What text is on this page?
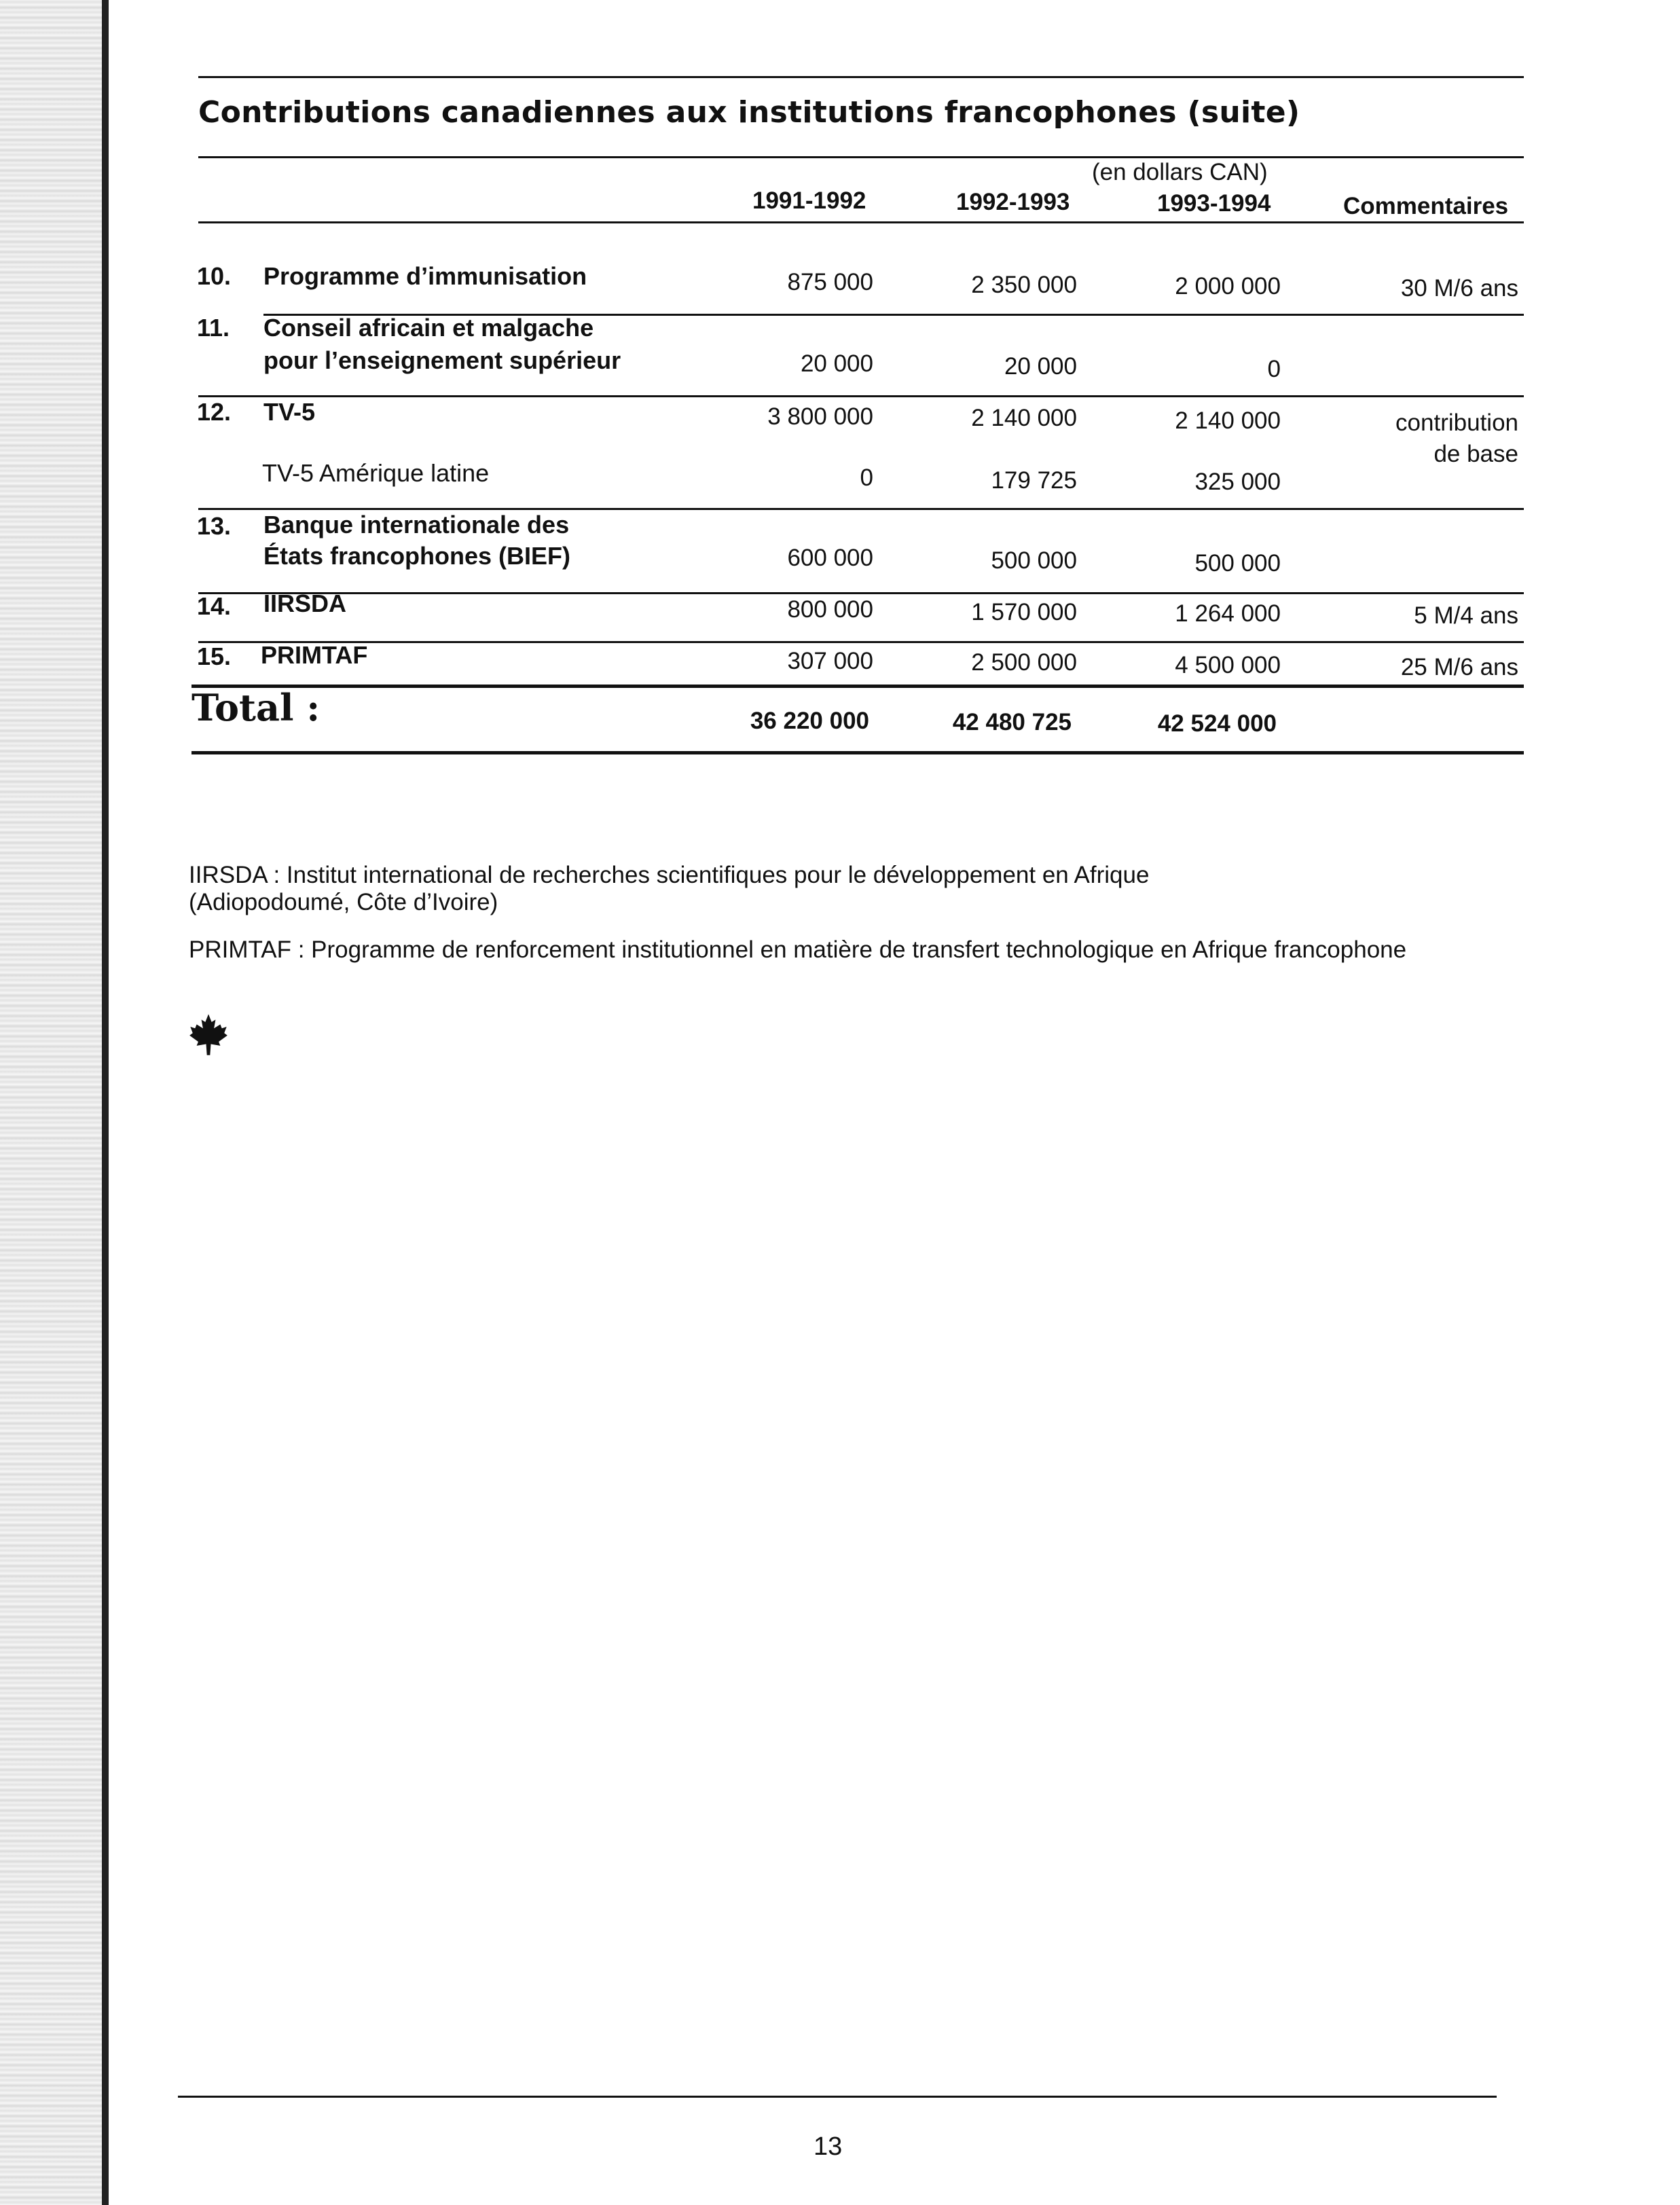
Contributions canadiennes aux institutions francophones (suite)
(en dollars CAN)
1991-1992	1992-1993	1993-1994	Commentaires
10. Programme d’immunisation	875 000	2 350 000	2 000 000	30 M/6 ans
11. Conseil africain et malgache
pour l’enseignement supérieur	20 000	20 000	0
12. TV-5	3 800 000	2 140 000	2 140 000	contribution
de base
TV-5 Amérique latine	0	179 725	325 000
13. Banque internationale des
États francophones (BIEF)	600 000	500 000	500 000
14. IIRSDA	800 000	1 570 000	1 264 000	5 M/4 ans
15. PRIMTAF	307 000	2 500 000	4 500 000	25 M/6 ans
Total :	36 220 000	42 480 725	42 524 000
IIRSDA : Institut international de recherches scientifiques pour le développement en Afrique
(Adiopodoumé, Côte d’Ivoire)
PRIMTAF : Programme de renforcement institutionnel en matière de transfert technologique en Afrique francophone
13
